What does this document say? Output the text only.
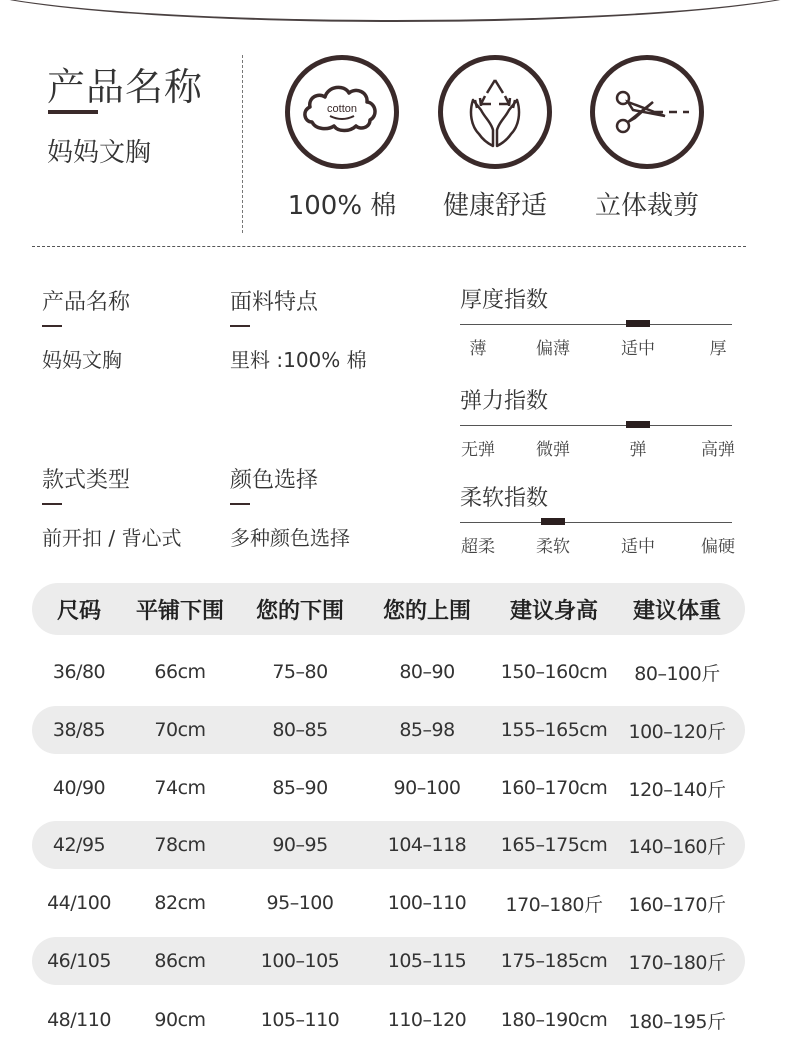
产品名称
妈妈文胸
cotton
100% 棉 健康舒适 立体裁剪
产品名称
妈妈文胸
面料特点
里料 :100% 棉
款式类型
前开扣 / 背心式
颜色选择
多种颜色选择
厚度指数
薄	偏薄	适中	厚
弹力指数
无弹 微弹	弹	高弹
柔软指数
超柔 柔软	适中	偏硬
尺码	平铺下围	您的下围	您的上围	建议身高	建议体重
36/80	66cm	75–80	80–90	150–160cm	80–100斤
38/85	70cm	80–85	85–98	155–165cm	100–120斤
40/90	74cm	85–90	90–100	160–170cm	120–140斤
42/95	78cm	90–95	104–118	165–175cm	140–160斤
44/100	82cm	95–100	100–110	170–180斤	160–170斤
46/105	86cm	100–105	105–115	175–185cm	170–180斤
48/110	90cm	105–110	110–120	180–190cm	180–195斤
